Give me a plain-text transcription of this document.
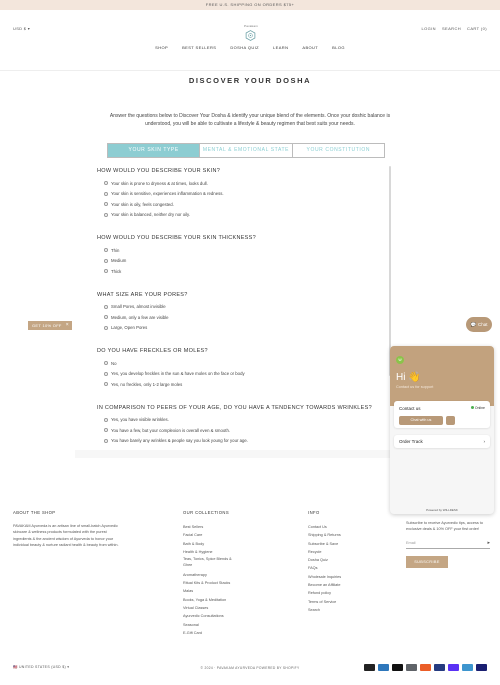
FREE U.S. SHIPPING ON ORDERS $75+
USD $ ▾	Pavakam	LOGIN SEARCH CART (0)
SHOP	BEST SELLERS	DOSHA QUIZ	LEARN	ABOUT	BLOG
DISCOVER YOUR DOSHA

Answer the questions below to Discover Your Dosha & identify your unique blend of the elements. Once your doshic balance is understood, you will be able to cultivate a lifestyle & beauty regimen that best suits your needs.

YOUR SKIN TYPE	MENTAL & EMOTIONAL STATE	YOUR CONSTITUTION
HOW WOULD YOU DESCRIBE YOUR SKIN?
Your skin is prone to dryness & at times, looks dull.
Your skin is sensitive, experiences inflammation & redness.
Your skin is oily, feels congested.
Your skin is balanced, neither dry nor oily.
HOW WOULD YOU DESCRIBE YOUR SKIN THICKNESS?
Thin
Medium
Thick
WHAT SIZE ARE YOUR PORES?
Small Pores, almost invisible
Medium, only a few are visible
Large, Open Pores
DO YOU HAVE FRECKLES OR MOLES?
No
Yes, you develop freckles in the sun & have moles on the face or body
Yes, no freckles, only 1-2 large moles
IN COMPARISON TO PEERS OF YOUR AGE, DO YOU HAVE A TENDENCY TOWARDS WRINKLES?
Yes, you have visible wrinkles.
You have a few, but your complexion is overall even & smooth.
You have barely any wrinkles & people say you look young for your age.
GET 10% OFF ×	💬 Chat
W
Hi 👋
Contact us for support
Contact us	Online
Chat with us
Order Track	›
Powered by WILLDESK
ABOUT THE SHOP

PAVAKAM Ayurveda is an artisan line of small-batch Ayurvedic skincare & wellness products formulated with the purest ingredients & the ancient wisdom of Ayurveda to honor your individual beauty & nurture radiant health & beauty from within.

OUR COLLECTIONS
Best Sellers
Facial Care
Bath & Body
Health & Hygiene
Teas, Tonics, Spice Blends & Ghee
Aromatherapy
Ritual Kits & Product Stacks
Malas
Books, Yoga & Meditation
Virtual Classes
Ayurvedic Consultations
Seasonal
E-Gift Card
INFO
Contact Us
Shipping & Returns
Subscribe & Save
Recycle
Dosha Quiz
FAQs
Wholesale Inquiries
Become an Affiliate
Refund policy
Terms of Service
Search

Subscribe to receive Ayurvedic tips, access to exclusive deals & 10% OFF your first order!

Email	▸
SUBSCRIBE
🇺🇸 UNITED STATES (USD $) ▾	© 2024 · PAVAKAM AYURVEDA POWERED BY SHOPIFY
